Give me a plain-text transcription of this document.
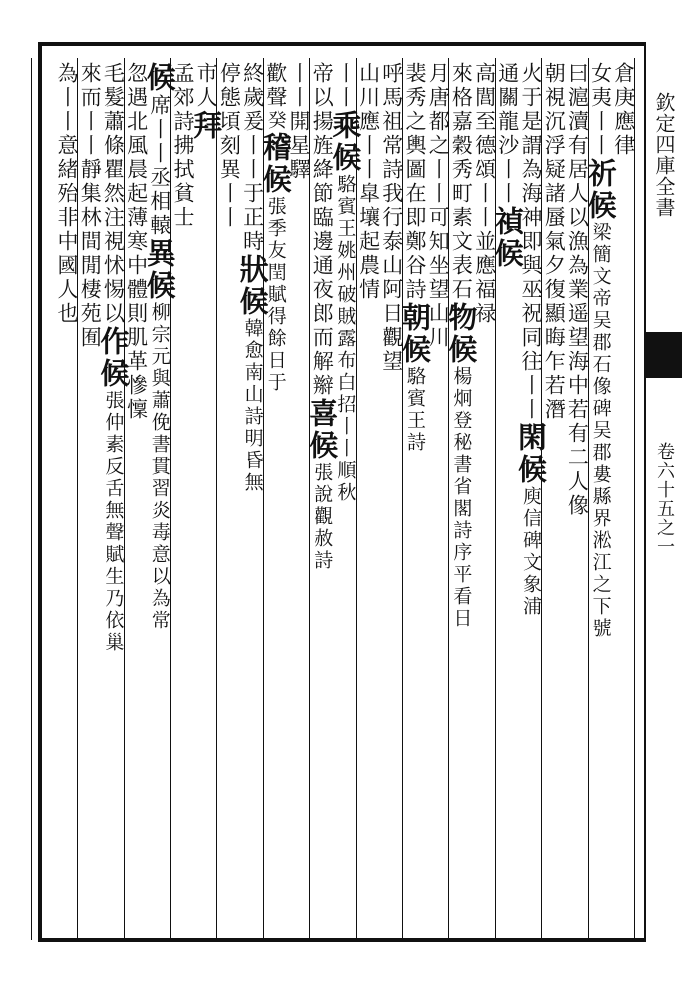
欽定四庫全書
卷六十五之一
倉庚應律
女夷丨丨祈候梁簡文帝吴郡石像碑吴郡婁縣界淞江之下號
曰滬瀆有居人以漁為業遥望海中若有二人像
朝視沉浮疑諸蜃氣夕復顯晦乍若潛
火于是謂為海神即與巫祝同往丨丨閑候庾信碑文象浦
通關龍沙丨丨禎候
高閭至德頌丨丨並應福禄
來格嘉穀秀町素文表石物候楊炯登秘書省閣詩序平看日
月唐都之丨丨可知坐望山川
裴秀之輿圖在即鄭谷詩朝候駱賓王詩
呼馬祖常詩我行泰山阿日觀望
山川應丨丨皐壤起農情
丨丨乘候駱賓王姚州破賊露布白招丨丨順秋
帝以揚旌絳節臨邊通夜郎而解辮喜候張說觀赦詩
丨丨開星驛
歡聲癸稽候張季友閏賦得餘日于
終歲爰丨丨于正時狀候韓愈南山詩明昏無
停態頃刻異丨丨
市人拜
孟郊詩拂拭貧士
候席丨丨丞相轅異候柳宗元與蕭俛書貫習炎毒意以為常
忽遇北風晨起薄寒中體則肌革慘懍
毛髮蕭條瞿然注視怵惕以作候張仲素反舌無聲賦生乃依巢
來而丨丨靜集林間閒棲苑囿
為丨丨意緒殆非中國人也
